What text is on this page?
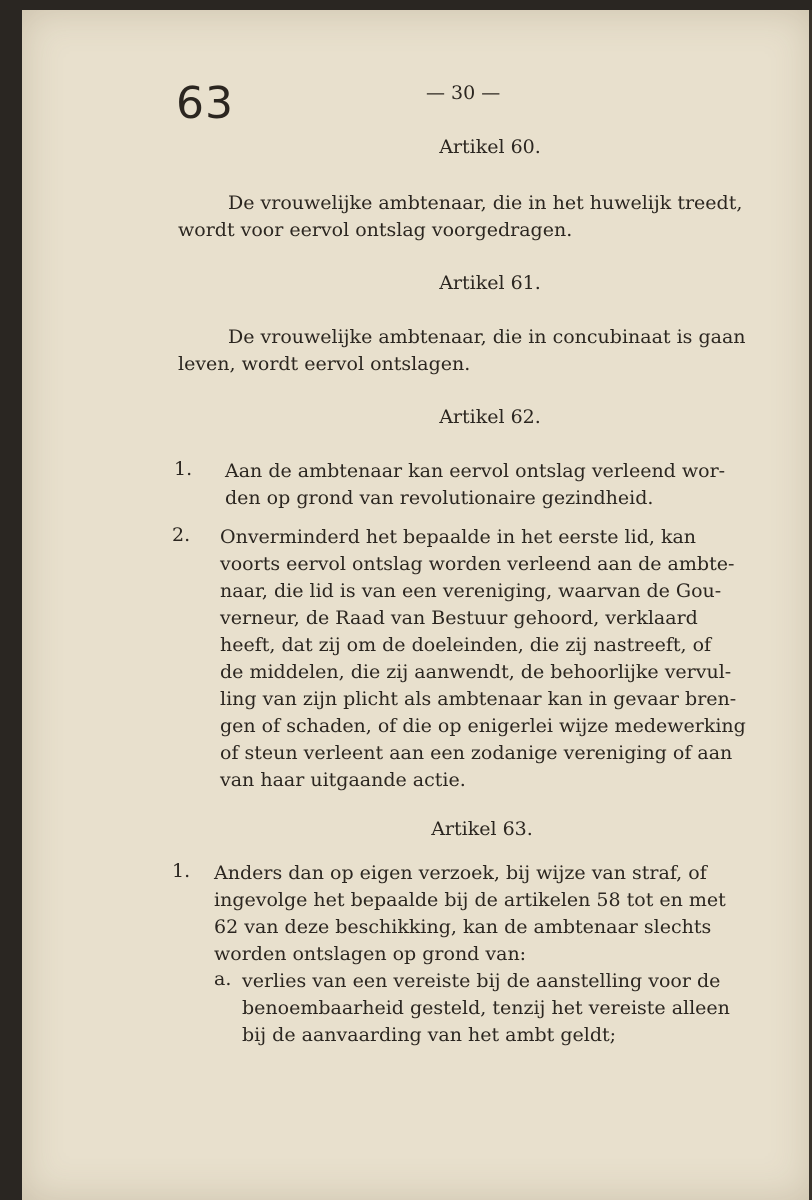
63	— 30 —
Artikel 60.
De vrouwelijke ambtenaar, die in het huwelijk treedt,
wordt voor eervol ontslag voorgedragen.
Artikel 61.
De vrouwelijke ambtenaar, die in concubinaat is gaan
leven, wordt eervol ontslagen.
Artikel 62.
1. Aan de ambtenaar kan eervol ontslag verleend wor-
den op grond van revolutionaire gezindheid.
2. Onverminderd het bepaalde in het eerste lid, kan
voorts eervol ontslag worden verleend aan de ambte-
naar, die lid is van een vereniging, waarvan de Gou-
verneur, de Raad van Bestuur gehoord, verklaard
heeft, dat zij om de doeleinden, die zij nastreeft, of
de middelen, die zij aanwendt, de behoorlijke vervul-
ling van zijn plicht als ambtenaar kan in gevaar bren-
gen of schaden, of die op enigerlei wijze medewerking
of steun verleent aan een zodanige vereniging of aan
van haar uitgaande actie.
Artikel 63.
1. Anders dan op eigen verzoek, bij wijze van straf, of
ingevolge het bepaalde bij de artikelen 58 tot en met
62 van deze beschikking, kan de ambtenaar slechts
worden ontslagen op grond van:
a. verlies van een vereiste bij de aanstelling voor de
benoembaarheid gesteld, tenzij het vereiste alleen
bij de aanvaarding van het ambt geldt;
